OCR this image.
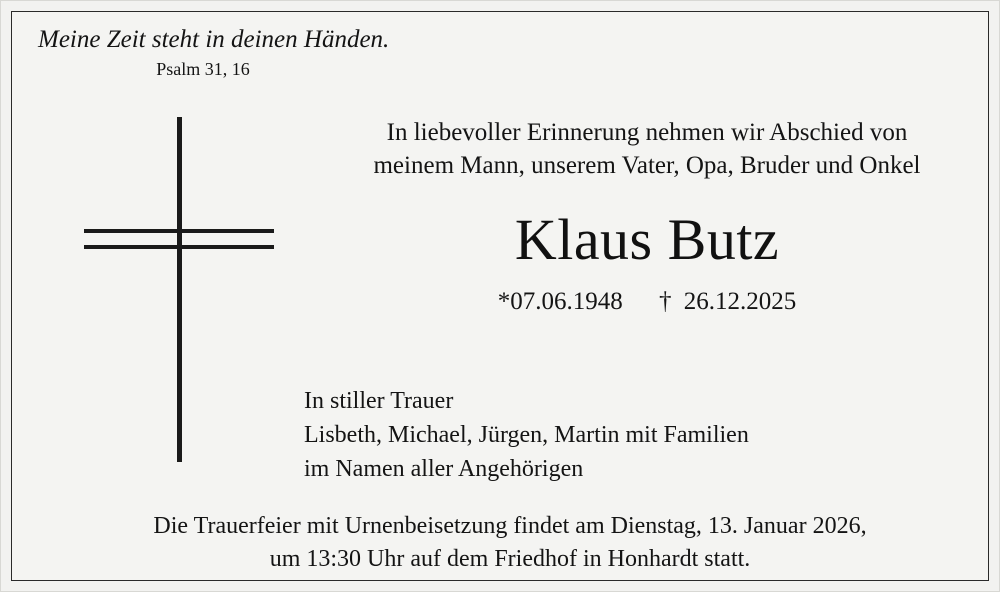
Meine Zeit steht in deinen Händen.
Psalm 31, 16
In liebevoller Erinnerung nehmen wir Abschied von
meinem Mann, unserem Vater, Opa, Bruder und Onkel
Klaus Butz
*07.06.1948 † 26.12.2025
In stiller Trauer
Lisbeth, Michael, Jürgen, Martin mit Familien
im Namen aller Angehörigen
Die Trauerfeier mit Urnenbeisetzung findet am Dienstag, 13. Januar 2026,
um 13:30 Uhr auf dem Friedhof in Honhardt statt.
